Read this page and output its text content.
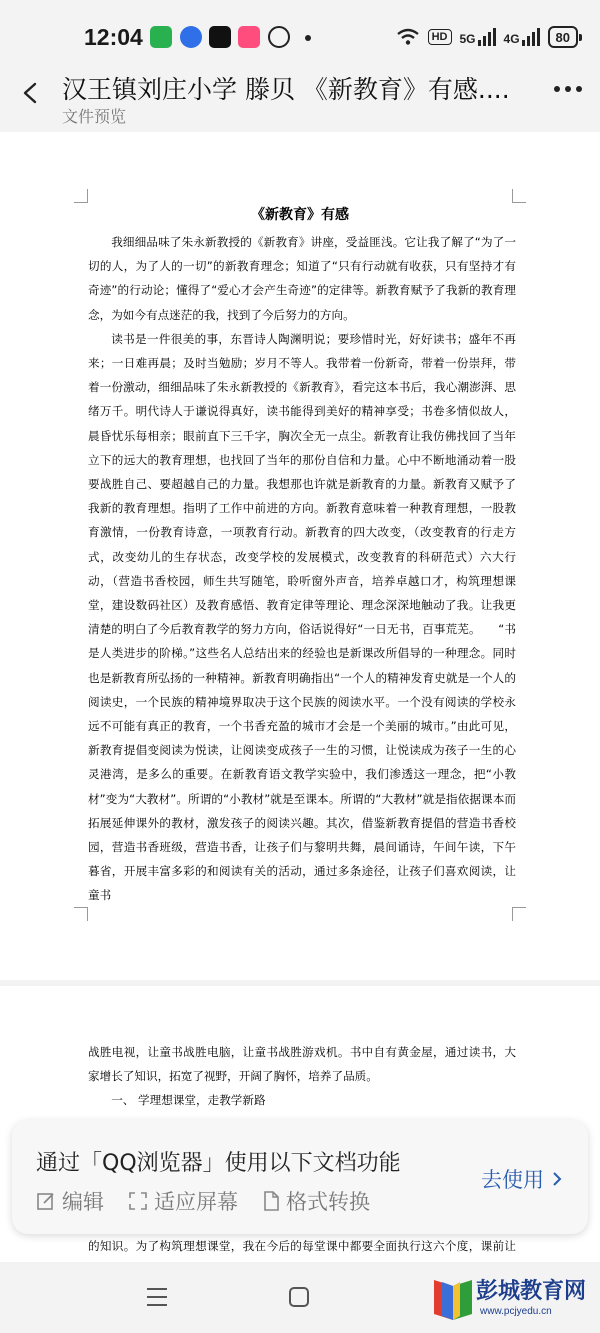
12:04	HD	5G 4G	80
汉王镇刘庄小学 滕贝 《新教育》有感....
文件预览
《新教育》有感

我细细品味了朱永新教授的《新教育》讲座，受益匪浅。它让我了解了“为了一切的人，为了人的一切”的新教育理念；知道了“只有行动就有收获，只有坚持才有奇迹”的行动论；懂得了“爱心才会产生奇迹”的定律等。新教育赋予了我新的教育理念，为如今有点迷茫的我，找到了今后努力的方向。

读书是一件很美的事，东晋诗人陶渊明说；要珍惜时光，好好读书；盛年不再来；一日难再晨；及时当勉励；岁月不等人。我带着一份新奇，带着一份崇拜，带着一份激动，细细品味了朱永新教授的《新教育》，看完这本书后，我心潮澎湃、思绪万千。明代诗人于谦说得真好，读书能得到美好的精神享受；书卷多情似故人，晨昏忧乐每相亲；眼前直下三千字，胸次全无一点尘。新教育让我仿佛找回了当年立下的远大的教育理想，也找回了当年的那份自信和力量。心中不断地涌动着一股要战胜自己、要超越自己的力量。我想那也许就是新教育的力量。新教育又赋予了我新的教育理想。指明了工作中前进的方向。新教育意味着一种教育理想，一股教育激情，一份教育诗意，一项教育行动。新教育的四大改变，（改变教育的行走方式，改变幼儿的生存状态，改变学校的发展模式，改变教育的科研范式）六大行动，（营造书香校园，师生共写随笔，聆听窗外声音，培养卓越口才，构筑理想课堂，建设数码社区）及教育感悟、教育定律等理论、理念深深地触动了我。让我更清楚的明白了今后教育教学的努力方向，俗话说得好“一日无书，百事荒芜。　　“书是人类进步的阶梯。”这些名人总结出来的经验也是新课改所倡导的一种理念。同时也是新教育所弘扬的一种精神。新教育明确指出“一个人的精神发育史就是一个人的阅读史，一个民族的精神境界取决于这个民族的阅读水平。一个没有阅读的学校永远不可能有真正的教育，一个书香充盈的城市才会是一个美丽的城市。”由此可见，新教育提倡变阅读为悦读，让阅读变成孩子一生的习惯，让悦读成为孩子一生的心灵港湾，是多么的重要。在新教育语文教学实验中，我们渗透这一理念，把“小教材”变为“大教材”。所谓的“小教材”就是至课本。所谓的“大教材”就是指依据课本而拓展延伸课外的教材，激发孩子的阅读兴趣。其次，借鉴新教育提倡的营造书香校园，营造书香班级，营造书香，让孩子们与黎明共舞，晨间诵诗，午间午读，下午暮省，开展丰富多彩的和阅读有关的活动，通过多条途径，让孩子们喜欢阅读，让童书

战胜电视，让童书战胜电脑，让童书战胜游戏机。书中自有黄金屋，通过读书，大家增长了知识，拓宽了视野，开阔了胸怀，培养了品质。

一、 学理想课堂，走教学新路

的知识。为了构筑理想课堂，我在今后的每堂课中都要全面执行这六个度，课前让

通过「QQ浏览器」使用以下文档功能
编辑 适应屏幕 格式转换
去使用
彭城教育网
www.pcjyedu.cn
